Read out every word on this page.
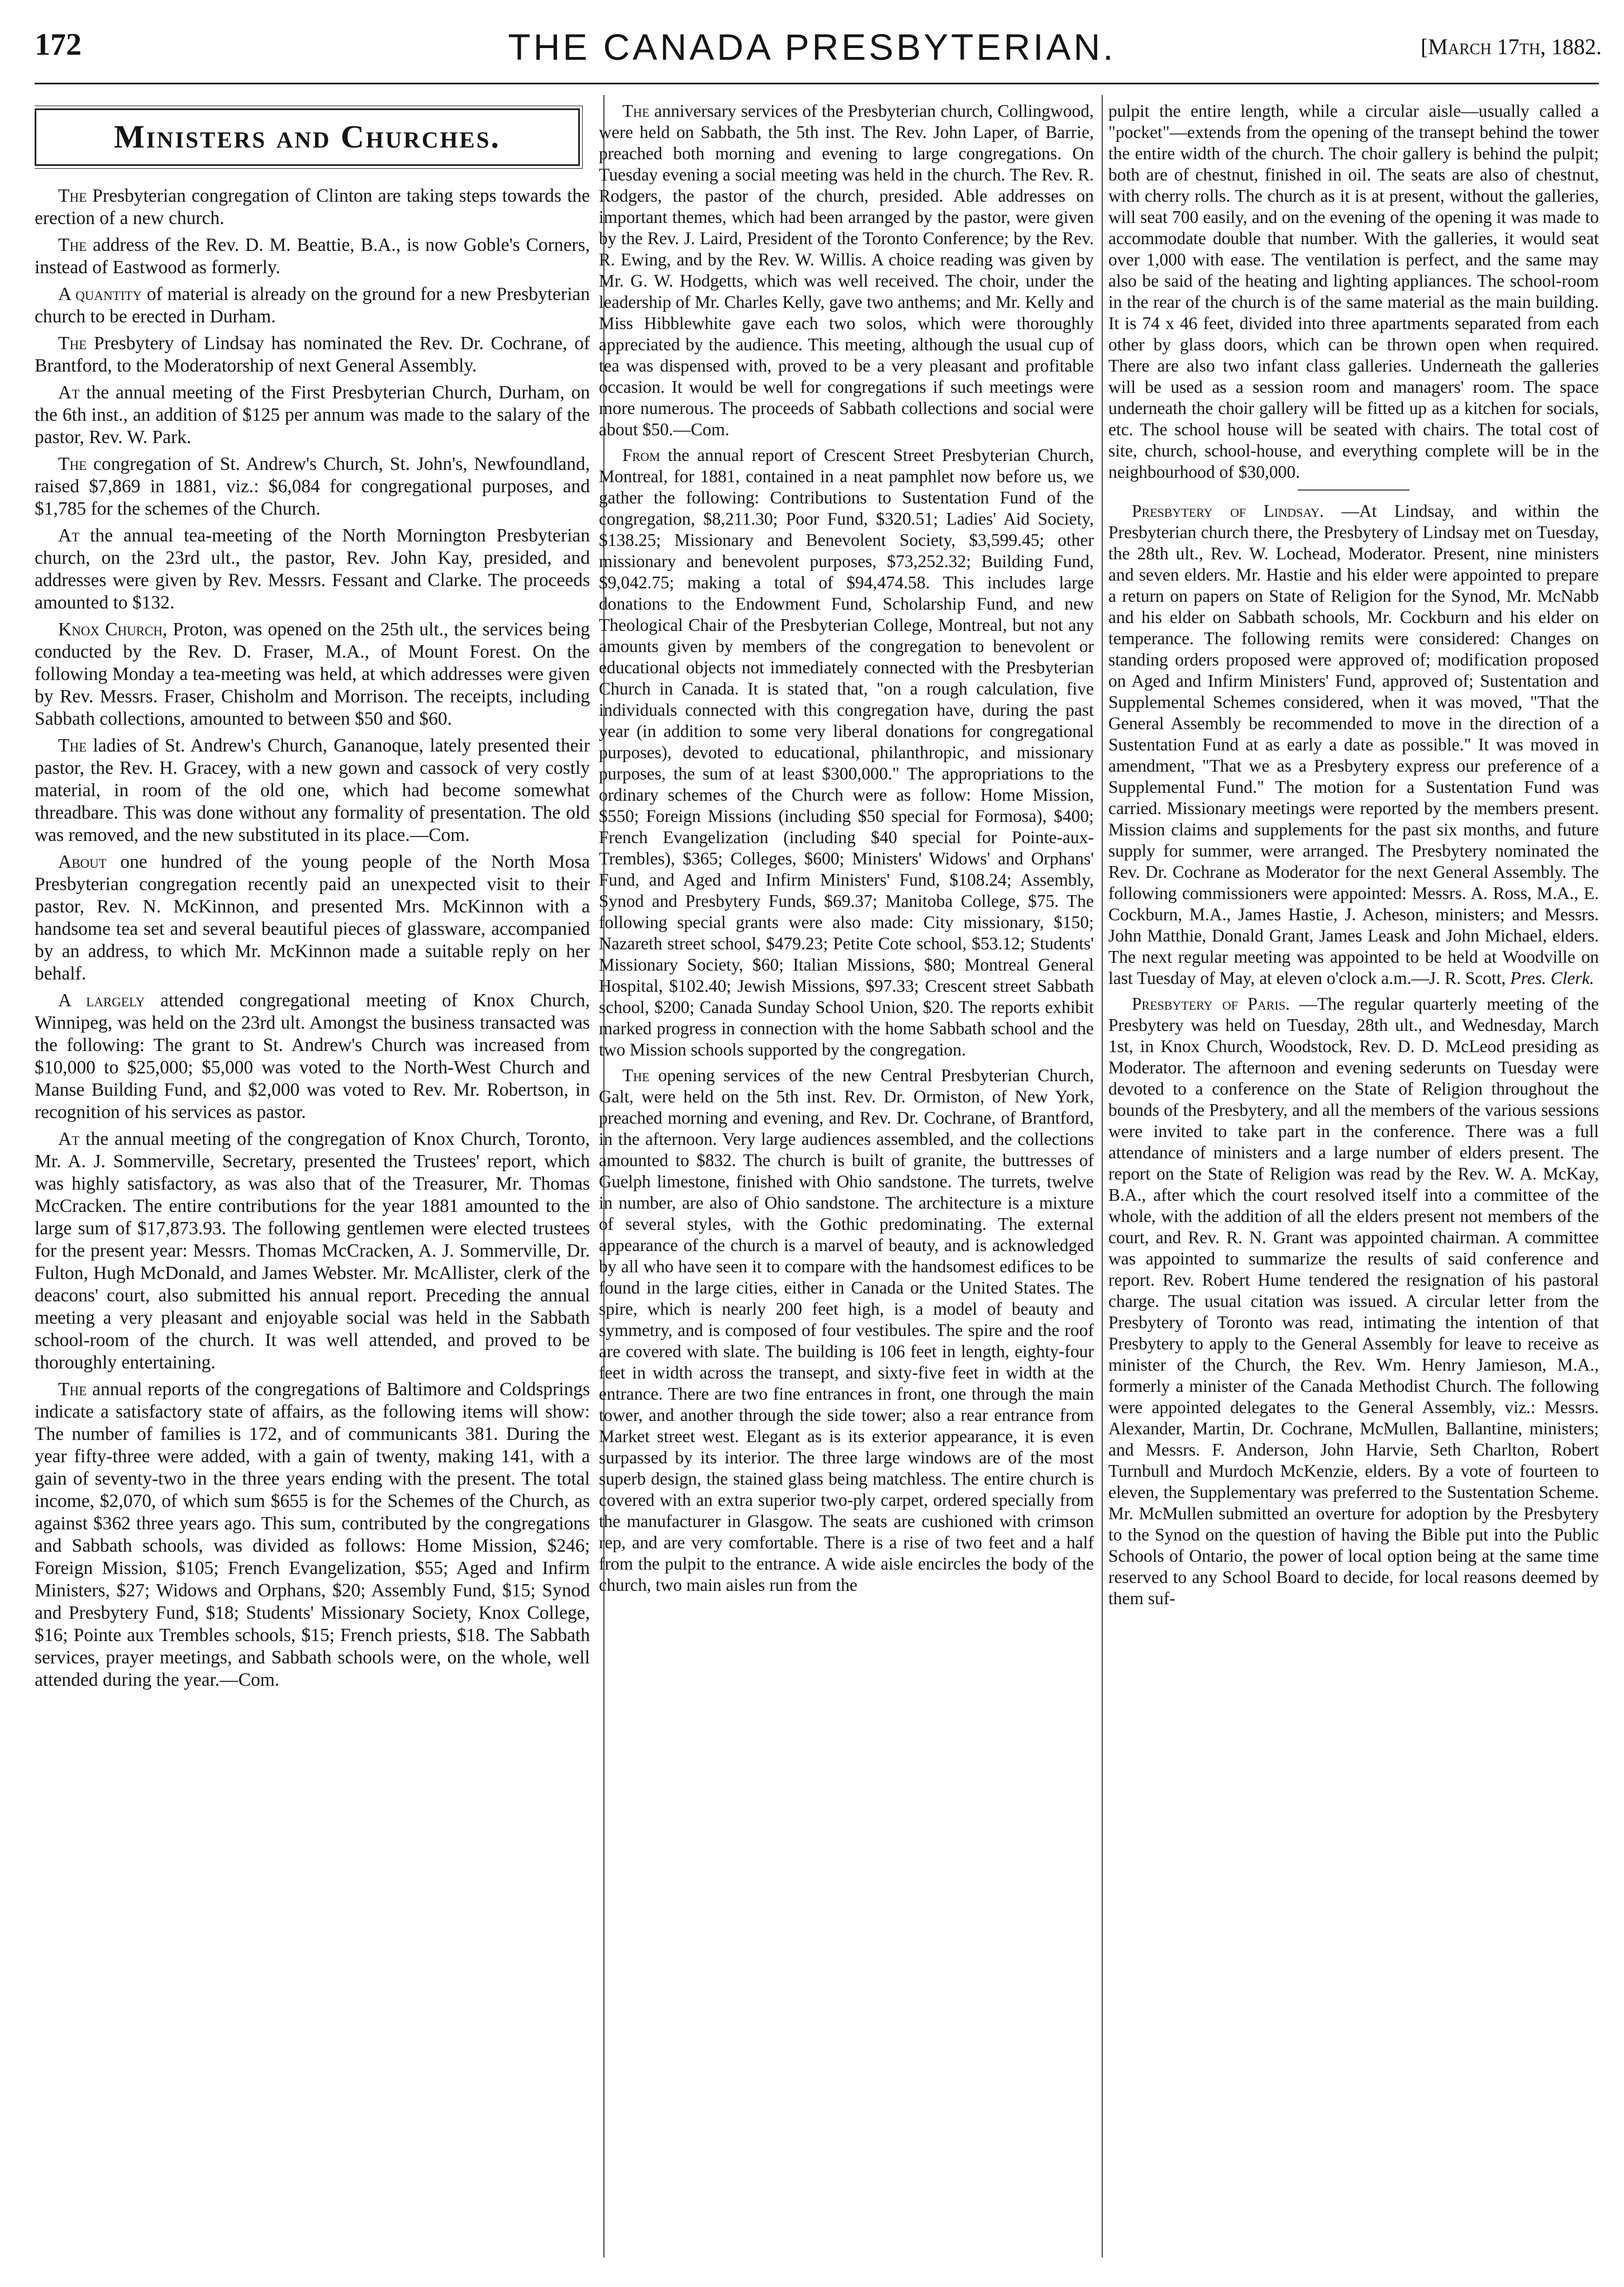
172	THE CANADA PRESBYTERIAN.	[March 17th, 1882.
Ministers and Churches.

The Presbyterian congregation of Clinton are taking steps towards the erection of a new church.

The address of the Rev. D. M. Beattie, B.A., is now Goble's Corners, instead of Eastwood as formerly.

A quantity of material is already on the ground for a new Presbyterian church to be erected in Durham.

The Presbytery of Lindsay has nominated the Rev. Dr. Cochrane, of Brantford, to the Moderatorship of next General Assembly.

At the annual meeting of the First Presbyterian Church, Durham, on the 6th inst., an addition of $125 per annum was made to the salary of the pastor, Rev. W. Park.

The congregation of St. Andrew's Church, St. John's, Newfoundland, raised $7,869 in 1881, viz.: $6,084 for congregational purposes, and $1,785 for the schemes of the Church.

At the annual tea-meeting of the North Mornington Presbyterian church, on the 23rd ult., the pastor, Rev. John Kay, presided, and addresses were given by Rev. Messrs. Fessant and Clarke. The proceeds amounted to $132.

Knox Church, Proton, was opened on the 25th ult., the services being conducted by the Rev. D. Fraser, M.A., of Mount Forest. On the following Monday a tea-meeting was held, at which addresses were given by Rev. Messrs. Fraser, Chisholm and Morrison. The receipts, including Sabbath collections, amounted to between $50 and $60.

The ladies of St. Andrew's Church, Gananoque, lately presented their pastor, the Rev. H. Gracey, with a new gown and cassock of very costly material, in room of the old one, which had become somewhat threadbare. This was done without any formality of presentation. The old was removed, and the new substituted in its place.—Com.

About one hundred of the young people of the North Mosa Presbyterian congregation recently paid an unexpected visit to their pastor, Rev. N. McKinnon, and presented Mrs. McKinnon with a handsome tea set and several beautiful pieces of glassware, accompanied by an address, to which Mr. McKinnon made a suitable reply on her behalf.

A largely attended congregational meeting of Knox Church, Winnipeg, was held on the 23rd ult. Amongst the business transacted was the following: The grant to St. Andrew's Church was increased from $10,000 to $25,000; $5,000 was voted to the North-West Church and Manse Building Fund, and $2,000 was voted to Rev. Mr. Robertson, in recognition of his services as pastor.

At the annual meeting of the congregation of Knox Church, Toronto, Mr. A. J. Sommerville, Secretary, presented the Trustees' report, which was highly satisfactory, as was also that of the Treasurer, Mr. Thomas McCracken. The entire contributions for the year 1881 amounted to the large sum of $17,873.93. The following gentlemen were elected trustees for the present year: Messrs. Thomas McCracken, A. J. Sommerville, Dr. Fulton, Hugh McDonald, and James Webster. Mr. McAllister, clerk of the deacons' court, also submitted his annual report. Preceding the annual meeting a very pleasant and enjoyable social was held in the Sabbath school-room of the church. It was well attended, and proved to be thoroughly entertaining.

The annual reports of the congregations of Baltimore and Coldsprings indicate a satisfactory state of affairs, as the following items will show: The number of families is 172, and of communicants 381. During the year fifty-three were added, with a gain of twenty, making 141, with a gain of seventy-two in the three years ending with the present. The total income, $2,070, of which sum $655 is for the Schemes of the Church, as against $362 three years ago. This sum, contributed by the congregations and Sabbath schools, was divided as follows: Home Mission, $246; Foreign Mission, $105; French Evangelization, $55; Aged and Infirm Ministers, $27; Widows and Orphans, $20; Assembly Fund, $15; Synod and Presbytery Fund, $18; Students' Missionary Society, Knox College, $16; Pointe aux Trembles schools, $15; French priests, $18. The Sabbath services, prayer meetings, and Sabbath schools were, on the whole, well attended during the year.—Com.

The anniversary services of the Presbyterian church, Collingwood, were held on Sabbath, the 5th inst. The Rev. John Laper, of Barrie, preached both morning and evening to large congregations. On Tuesday evening a social meeting was held in the church. The Rev. R. Rodgers, the pastor of the church, presided. Able addresses on important themes, which had been arranged by the pastor, were given by the Rev. J. Laird, President of the Toronto Conference; by the Rev. R. Ewing, and by the Rev. W. Willis. A choice reading was given by Mr. G. W. Hodgetts, which was well received. The choir, under the leadership of Mr. Charles Kelly, gave two anthems; and Mr. Kelly and Miss Hibblewhite gave each two solos, which were thoroughly appreciated by the audience. This meeting, although the usual cup of tea was dispensed with, proved to be a very pleasant and profitable occasion. It would be well for congregations if such meetings were more numerous. The proceeds of Sabbath collections and social were about $50.—Com.

From the annual report of Crescent Street Presbyterian Church, Montreal, for 1881, contained in a neat pamphlet now before us, we gather the following: Contributions to Sustentation Fund of the congregation, $8,211.30; Poor Fund, $320.51; Ladies' Aid Society, $138.25; Missionary and Benevolent Society, $3,599.45; other missionary and benevolent purposes, $73,252.32; Building Fund, $9,042.75; making a total of $94,474.58. This includes large donations to the Endowment Fund, Scholarship Fund, and new Theological Chair of the Presbyterian College, Montreal, but not any amounts given by members of the congregation to benevolent or educational objects not immediately connected with the Presbyterian Church in Canada. It is stated that, "on a rough calculation, five individuals connected with this congregation have, during the past year (in addition to some very liberal donations for congregational purposes), devoted to educational, philanthropic, and missionary purposes, the sum of at least $300,000." The appropriations to the ordinary schemes of the Church were as follow: Home Mission, $550; Foreign Missions (including $50 special for Formosa), $400; French Evangelization (including $40 special for Pointe-aux-Trembles), $365; Colleges, $600; Ministers' Widows' and Orphans' Fund, and Aged and Infirm Ministers' Fund, $108.24; Assembly, Synod and Presbytery Funds, $69.37; Manitoba College, $75. The following special grants were also made: City missionary, $150; Nazareth street school, $479.23; Petite Cote school, $53.12; Students' Missionary Society, $60; Italian Missions, $80; Montreal General Hospital, $102.40; Jewish Missions, $97.33; Crescent street Sabbath school, $200; Canada Sunday School Union, $20. The reports exhibit marked progress in connection with the home Sabbath school and the two Mission schools supported by the congregation.

The opening services of the new Central Presbyterian Church, Galt, were held on the 5th inst. Rev. Dr. Ormiston, of New York, preached morning and evening, and Rev. Dr. Cochrane, of Brantford, in the afternoon. Very large audiences assembled, and the collections amounted to $832. The church is built of granite, the buttresses of Guelph limestone, finished with Ohio sandstone. The turrets, twelve in number, are also of Ohio sandstone. The architecture is a mixture of several styles, with the Gothic predominating. The external appearance of the church is a marvel of beauty, and is acknowledged by all who have seen it to compare with the handsomest edifices to be found in the large cities, either in Canada or the United States. The spire, which is nearly 200 feet high, is a model of beauty and symmetry, and is composed of four vestibules. The spire and the roof are covered with slate. The building is 106 feet in length, eighty-four feet in width across the transept, and sixty-five feet in width at the entrance. There are two fine entrances in front, one through the main tower, and another through the side tower; also a rear entrance from Market street west. Elegant as is its exterior appearance, it is even surpassed by its interior. The three large windows are of the most superb design, the stained glass being matchless. The entire church is covered with an extra superior two-ply carpet, ordered specially from the manufacturer in Glasgow. The seats are cushioned with crimson rep, and are very comfortable. There is a rise of two feet and a half from the pulpit to the entrance. A wide aisle encircles the body of the church, two main aisles run from the

pulpit the entire length, while a circular aisle—usually called a "pocket"—extends from the opening of the transept behind the tower the entire width of the church. The choir gallery is behind the pulpit; both are of chestnut, finished in oil. The seats are also of chestnut, with cherry rolls. The church as it is at present, without the galleries, will seat 700 easily, and on the evening of the opening it was made to accommodate double that number. With the galleries, it would seat over 1,000 with ease. The ventilation is perfect, and the same may also be said of the heating and lighting appliances. The school-room in the rear of the church is of the same material as the main building. It is 74 x 46 feet, divided into three apartments separated from each other by glass doors, which can be thrown open when required. There are also two infant class galleries. Underneath the galleries will be used as a session room and managers' room. The space underneath the choir gallery will be fitted up as a kitchen for socials, etc. The school house will be seated with chairs. The total cost of site, church, school-house, and everything complete will be in the neighbourhood of $30,000.

Presbytery of Lindsay. —At Lindsay, and within the Presbyterian church there, the Presbytery of Lindsay met on Tuesday, the 28th ult., Rev. W. Lochead, Moderator. Present, nine ministers and seven elders. Mr. Hastie and his elder were appointed to prepare a return on papers on State of Religion for the Synod, Mr. McNabb and his elder on Sabbath schools, Mr. Cockburn and his elder on temperance. The following remits were considered: Changes on standing orders proposed were approved of; modification proposed on Aged and Infirm Ministers' Fund, approved of; Sustentation and Supplemental Schemes considered, when it was moved, "That the General Assembly be recommended to move in the direction of a Sustentation Fund at as early a date as possible." It was moved in amendment, "That we as a Presbytery express our preference of a Supplemental Fund." The motion for a Sustentation Fund was carried. Missionary meetings were reported by the members present. Mission claims and supplements for the past six months, and future supply for summer, were arranged. The Presbytery nominated the Rev. Dr. Cochrane as Moderator for the next General Assembly. The following commissioners were appointed: Messrs. A. Ross, M.A., E. Cockburn, M.A., James Hastie, J. Acheson, ministers; and Messrs. John Matthie, Donald Grant, James Leask and John Michael, elders. The next regular meeting was appointed to be held at Woodville on last Tuesday of May, at eleven o'clock a.m.—J. R. Scott, Pres. Clerk.

Presbytery of Paris. —The regular quarterly meeting of the Presbytery was held on Tuesday, 28th ult., and Wednesday, March 1st, in Knox Church, Woodstock, Rev. D. D. McLeod presiding as Moderator. The afternoon and evening sederunts on Tuesday were devoted to a conference on the State of Religion throughout the bounds of the Presbytery, and all the members of the various sessions were invited to take part in the conference. There was a full attendance of ministers and a large number of elders present. The report on the State of Religion was read by the Rev. W. A. McKay, B.A., after which the court resolved itself into a committee of the whole, with the addition of all the elders present not members of the court, and Rev. R. N. Grant was appointed chairman. A committee was appointed to summarize the results of said conference and report. Rev. Robert Hume tendered the resignation of his pastoral charge. The usual citation was issued. A circular letter from the Presbytery of Toronto was read, intimating the intention of that Presbytery to apply to the General Assembly for leave to receive as minister of the Church, the Rev. Wm. Henry Jamieson, M.A., formerly a minister of the Canada Methodist Church. The following were appointed delegates to the General Assembly, viz.: Messrs. Alexander, Martin, Dr. Cochrane, McMullen, Ballantine, ministers; and Messrs. F. Anderson, John Harvie, Seth Charlton, Robert Turnbull and Murdoch McKenzie, elders. By a vote of fourteen to eleven, the Supplementary was preferred to the Sustentation Scheme. Mr. McMullen submitted an overture for adoption by the Presbytery to the Synod on the question of having the Bible put into the Public Schools of Ontario, the power of local option being at the same time reserved to any School Board to decide, for local reasons deemed by them suf-
